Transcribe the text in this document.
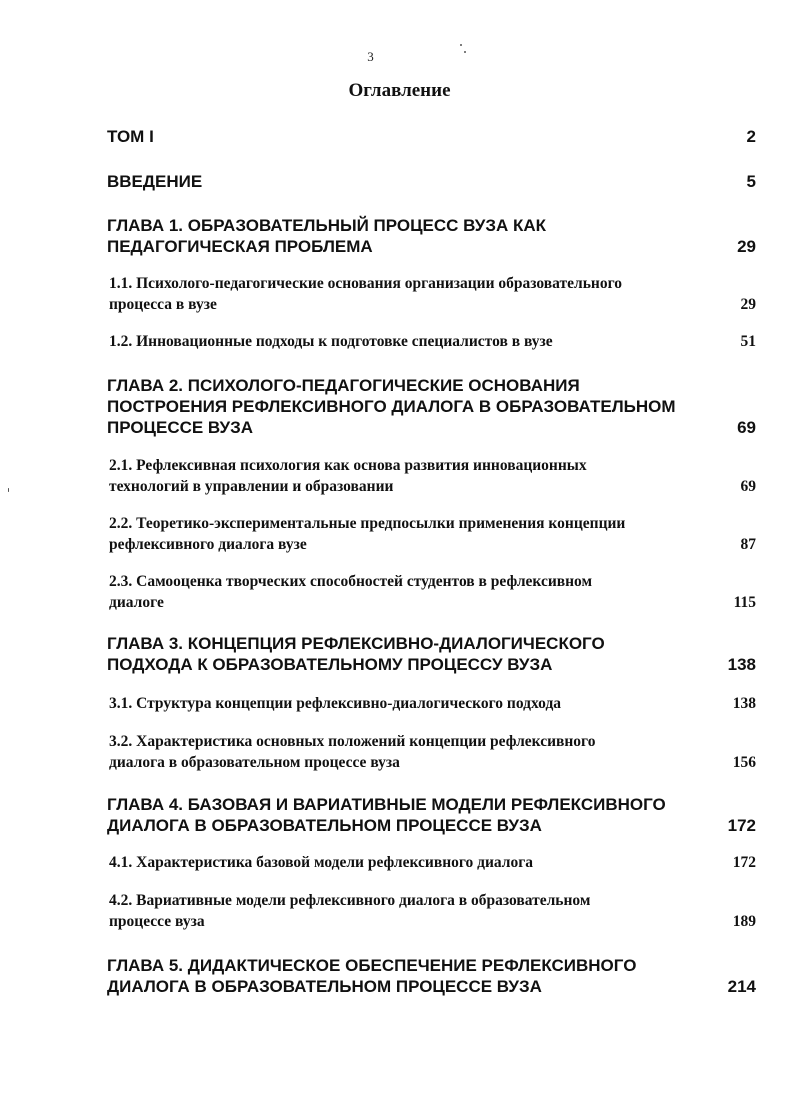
3
Оглавление
ТОМ I	2
ВВЕДЕНИЕ	5
ГЛАВА 1. ОБРАЗОВАТЕЛЬНЫЙ ПРОЦЕСС ВУЗА КАК
ПЕДАГОГИЧЕСКАЯ ПРОБЛЕМА	29
1.1. Психолого-педагогические основания организации образовательного
процесса в вузе	29
1.2. Инновационные подходы к подготовке специалистов в вузе	51
ГЛАВА 2. ПСИХОЛОГО-ПЕДАГОГИЧЕСКИЕ ОСНОВАНИЯ
ПОСТРОЕНИЯ РЕФЛЕКСИВНОГО ДИАЛОГА В ОБРАЗОВАТЕЛЬНОМ
ПРОЦЕССЕ ВУЗА	69
2.1. Рефлексивная психология как основа развития инновационных
технологий в управлении и образовании	69
2.2. Теоретико-экспериментальные предпосылки применения концепции
рефлексивного диалога вузе	87
2.3. Самооценка творческих способностей студентов в рефлексивном
диалоге	115
ГЛАВА 3. КОНЦЕПЦИЯ РЕФЛЕКСИВНО-ДИАЛОГИЧЕСКОГО
ПОДХОДА К ОБРАЗОВАТЕЛЬНОМУ ПРОЦЕССУ ВУЗА	138
3.1. Структура концепции рефлексивно-диалогического подхода	138
3.2. Характеристика основных положений концепции рефлексивного
диалога в образовательном процессе вуза	156
ГЛАВА 4. БАЗОВАЯ И ВАРИАТИВНЫЕ МОДЕЛИ РЕФЛЕКСИВНОГО
ДИАЛОГА В ОБРАЗОВАТЕЛЬНОМ ПРОЦЕССЕ ВУЗА	172
4.1. Характеристика базовой модели рефлексивного диалога	172
4.2. Вариативные модели рефлексивного диалога в образовательном
процессе вуза	189
ГЛАВА 5. ДИДАКТИЧЕСКОЕ ОБЕСПЕЧЕНИЕ РЕФЛЕКСИВНОГО
ДИАЛОГА В ОБРАЗОВАТЕЛЬНОМ ПРОЦЕССЕ ВУЗА	214
